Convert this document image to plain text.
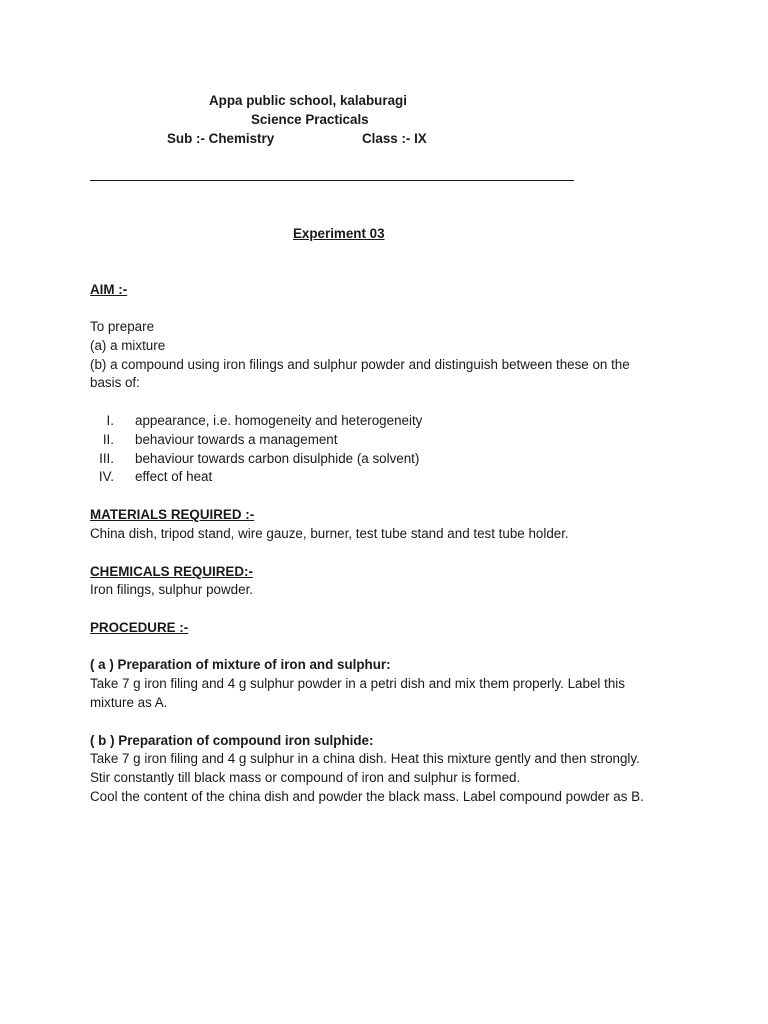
Appa public school, kalaburagi
Science Practicals
Sub :- Chemistry	Class :- IX
Experiment 03
AIM :-
To prepare
(a) a mixture
(b) a compound using iron filings and sulphur powder and distinguish between these on the
basis of:
I. appearance, i.e. homogeneity and heterogeneity
II. behaviour towards a management
III. behaviour towards carbon disulphide (a solvent)
IV. effect of heat
MATERIALS REQUIRED :-
China dish, tripod stand, wire gauze, burner, test tube stand and test tube holder.
CHEMICALS REQUIRED:-
Iron filings, sulphur powder.
PROCEDURE :-
( a ) Preparation of mixture of iron and sulphur:
Take 7 g iron filing and 4 g sulphur powder in a petri dish and mix them properly. Label this
mixture as A.
( b ) Preparation of compound iron sulphide:
Take 7 g iron filing and 4 g sulphur in a china dish. Heat this mixture gently and then strongly.
Stir constantly till black mass or compound of iron and sulphur is formed.
Cool the content of the china dish and powder the black mass. Label compound powder as B.
